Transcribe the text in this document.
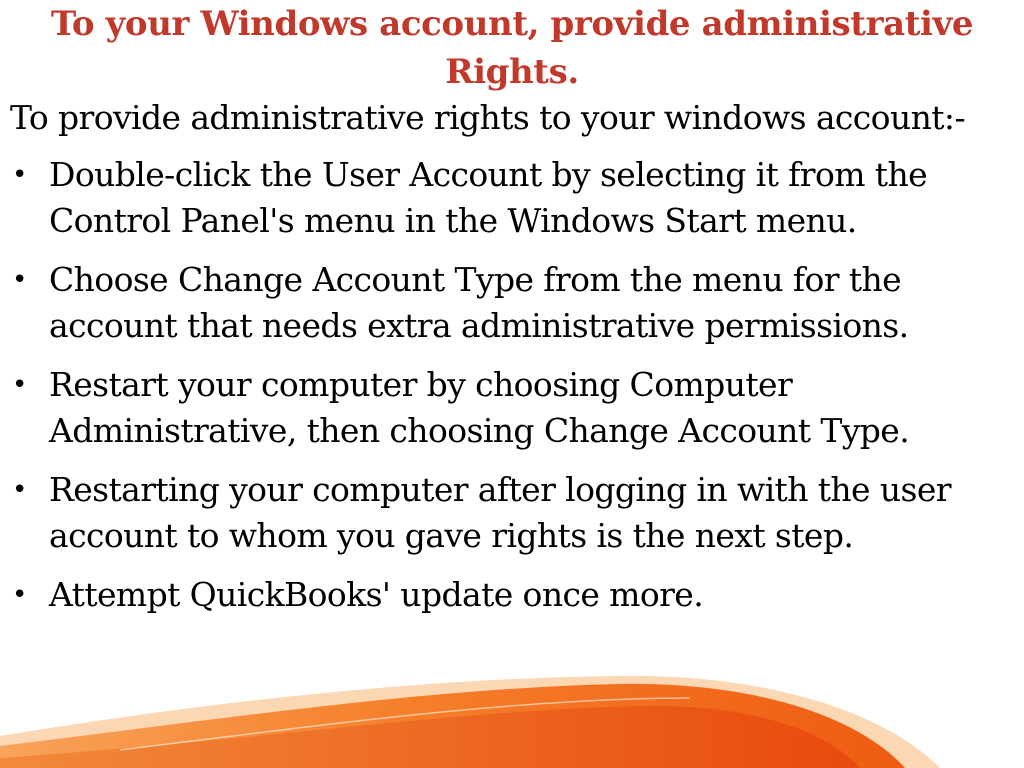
To your Windows account, provide administrative Rights.

To provide administrative rights to your windows account:-

• Double-click the User Account by selecting it from the Control Panel's menu in the Windows Start menu.
• Choose Change Account Type from the menu for the account that needs extra administrative permissions.
• Restart your computer by choosing Computer Administrative, then choosing Change Account Type.
• Restarting your computer after logging in with the user account to whom you gave rights is the next step.
• Attempt QuickBooks' update once more.
